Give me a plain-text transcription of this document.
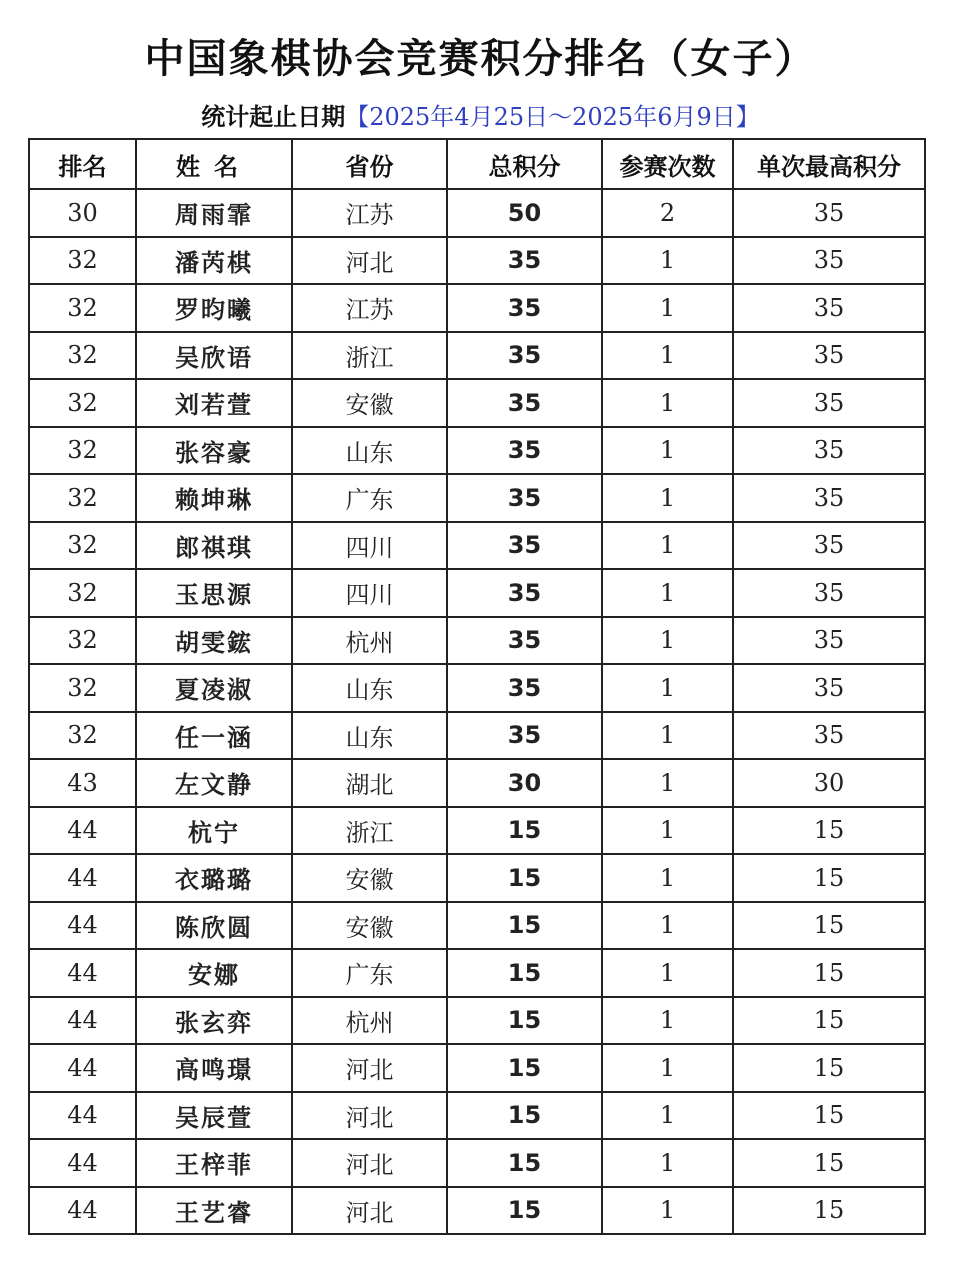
中国象棋协会竞赛积分排名（女子）
统计起止日期【2025年4月25日～2025年6月9日】
排名	姓名	省份	总积分	参赛次数	单次最高积分
30	周雨霏	江苏	50	2	35
32	潘芮棋	河北	35	1	35
32	罗昀曦	江苏	35	1	35
32	吴欣语	浙江	35	1	35
32	刘若萱	安徽	35	1	35
32	张容豪	山东	35	1	35
32	赖坤琳	广东	35	1	35
32	郎祺琪	四川	35	1	35
32	玉思源	四川	35	1	35
32	胡雯鋐	杭州	35	1	35
32	夏凌淑	山东	35	1	35
32	任一涵	山东	35	1	35
43	左文静	湖北	30	1	30
44	杭宁	浙江	15	1	15
44	衣璐璐	安徽	15	1	15
44	陈欣圆	安徽	15	1	15
44	安娜	广东	15	1	15
44	张玄弈	杭州	15	1	15
44	高鸣璟	河北	15	1	15
44	吴辰萱	河北	15	1	15
44	王梓菲	河北	15	1	15
44	王艺睿	河北	15	1	15
